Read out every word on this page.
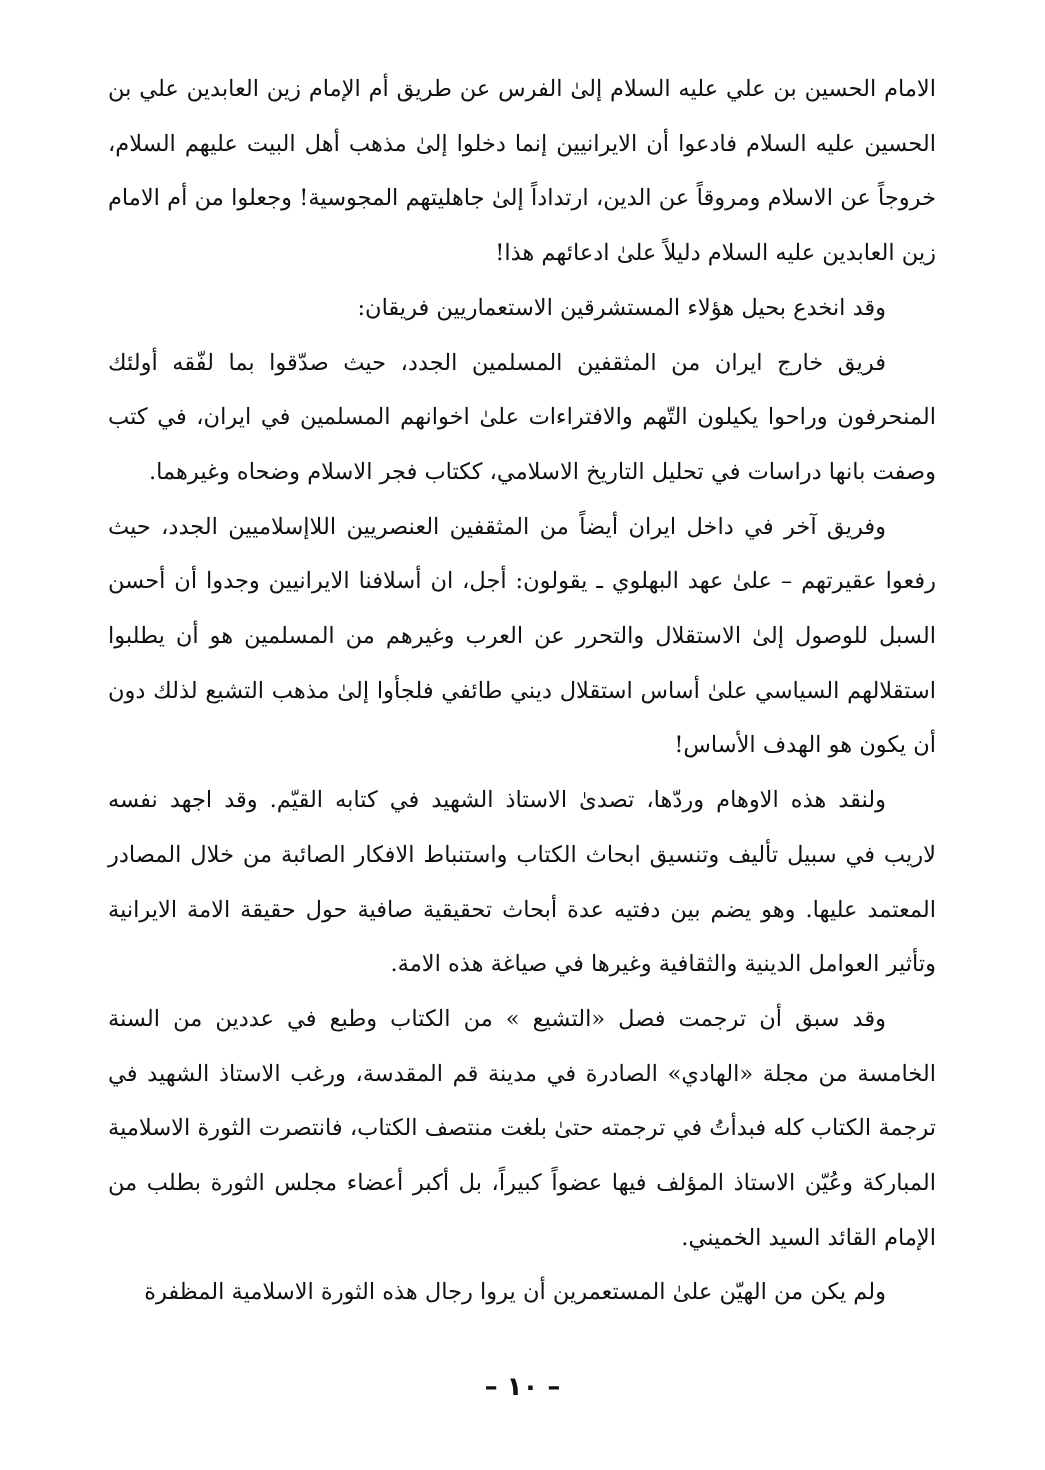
الامام الحسين بن علي عليه السلام إلىٰ الفرس عن طريق أم الإمام زين العابدين علي بن الحسين عليه السلام فادعوا أن الايرانيين إنما دخلوا إلىٰ مذهب أهل البيت عليهم السلام، خروجاً عن الاسلام ومروقاً عن الدين، ارتداداً إلىٰ جاهليتهم المجوسية! وجعلوا من أم الامام زين العابدين عليه السلام دليلاً علىٰ ادعائهم هذا!

وقد انخدع بحيل هؤلاء المستشرقين الاستعماريين فريقان:

فريق خارج ايران من المثقفين المسلمين الجدد، حيث صدّقوا بما لفّقه أولئك المنحرفون وراحوا يكيلون التّهم والافتراءات علىٰ اخوانهم المسلمين في ايران، في كتب وصفت بانها دراسات في تحليل التاريخ الاسلامي، ككتاب فجر الاسلام وضحاه وغيرهما.

وفريق آخر في داخل ايران أيضاً من المثقفين العنصريين اللاإسلاميين الجدد، حيث رفعوا عقيرتهم – علىٰ عهد البهلوي ـ يقولون: أجل، ان أسلافنا الايرانيين وجدوا أن أحسن السبل للوصول إلىٰ الاستقلال والتحرر عن العرب وغيرهم من المسلمين هو أن يطلبوا استقلالهم السياسي علىٰ أساس استقلال ديني طائفي فلجأوا إلىٰ مذهب التشيع لذلك دون أن يكون هو الهدف الأساس!

ولنقد هذه الاوهام وردّها، تصدىٰ الاستاذ الشهيد في كتابه القيّم. وقد اجهد نفسه لاريب في سبيل تأليف وتنسيق ابحاث الكتاب واستنباط الافكار الصائبة من خلال المصادر المعتمد عليها. وهو يضم بين دفتيه عدة أبحاث تحقيقية صافية حول حقيقة الامة الايرانية وتأثير العوامل الدينية والثقافية وغيرها في صياغة هذه الامة.

وقد سبق أن ترجمت فصل «التشيع » من الكتاب وطبع في عددين من السنة الخامسة من مجلة «الهادي» الصادرة في مدينة قم المقدسة، ورغب الاستاذ الشهيد في ترجمة الكتاب كله فبدأتُ في ترجمته حتىٰ بلغت منتصف الكتاب، فانتصرت الثورة الاسلامية المباركة وعُيّن الاستاذ المؤلف فيها عضواً كبيراً، بل أكبر أعضاء مجلس الثورة بطلب من الإمام القائد السيد الخميني.

ولم يكن من الهيّن علىٰ المستعمرين أن يروا رجال هذه الثورة الاسلامية المظفرة

– ١٠ –
